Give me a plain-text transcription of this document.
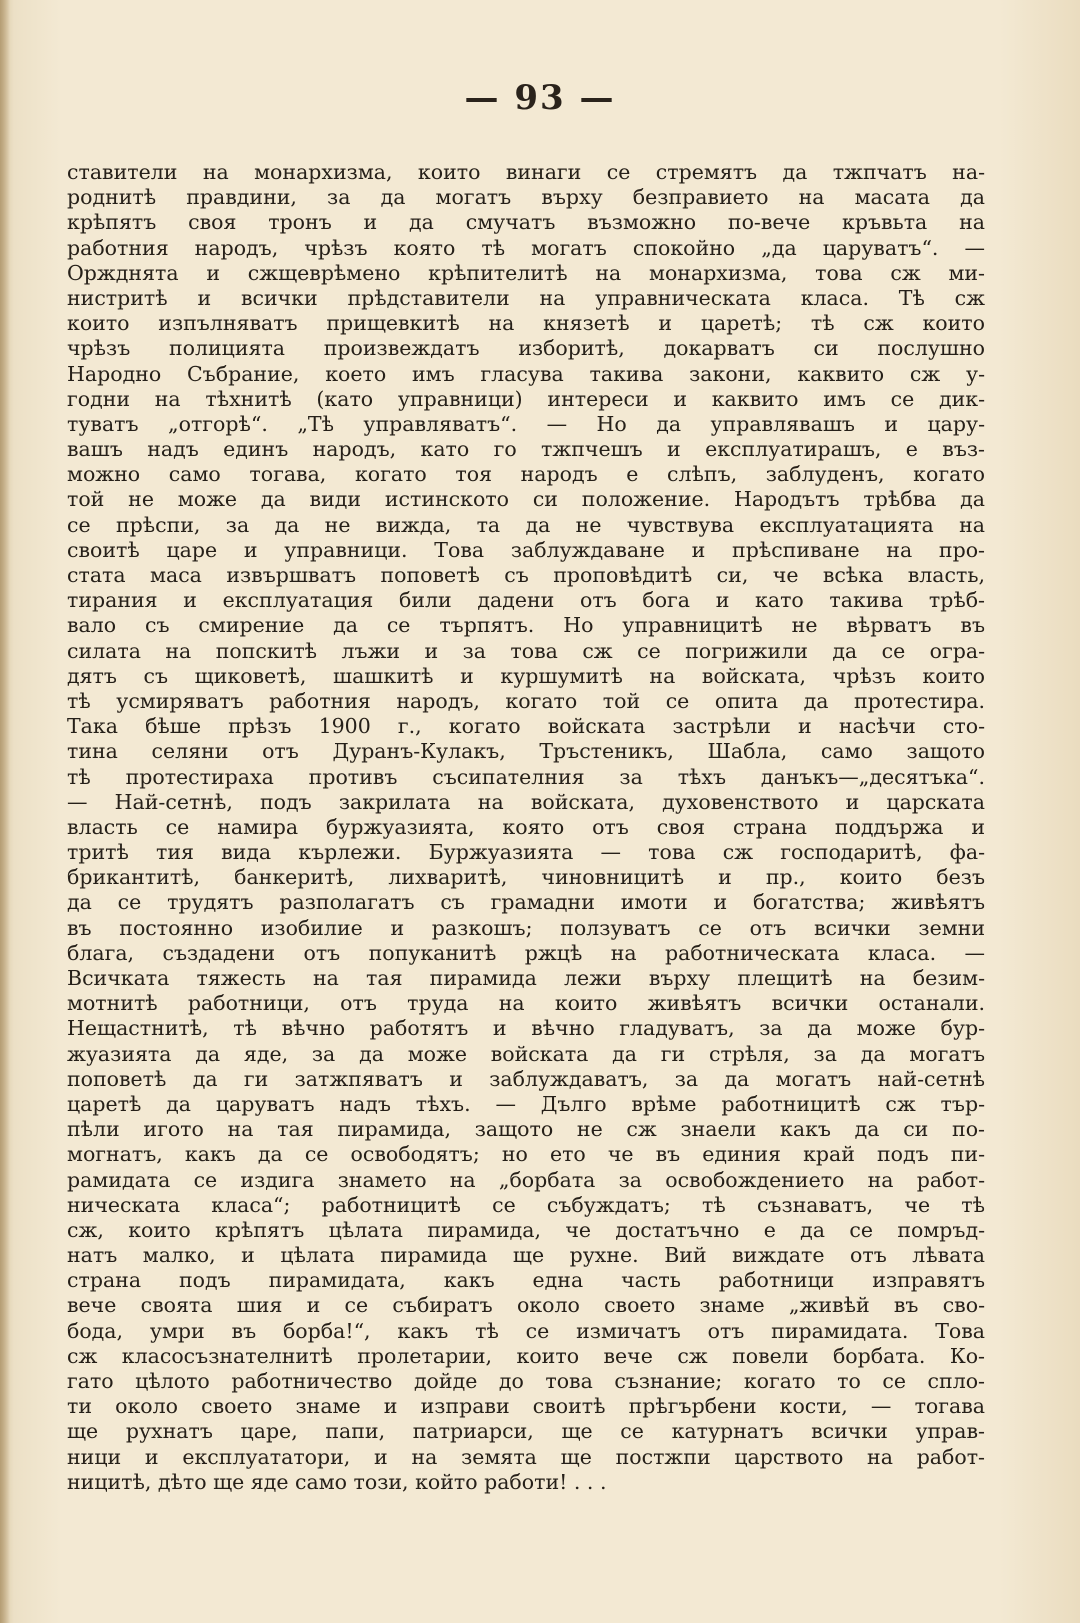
— 93 —
ставители на монархизма, които винаги се стремятъ да тжпчатъ на-
роднитѣ правдини, за да могатъ върху безправието на масата да
крѣпятъ своя тронъ и да смучатъ възможно по-вече кръвьта на
работния народъ, чрѣзъ която тѣ могатъ спокойно „да царуватъ“. —
Оржднята и сжщеврѣмено крѣпителитѣ на монархизма, това сж ми-
нистритѣ и всички прѣдставители на управническата класа. Тѣ сж
които изпълняватъ прищевкитѣ на князетѣ и царетѣ; тѣ сж които
чрѣзъ полицията произвеждатъ изборитѣ, докарватъ си послушно
Народно Събрание, което имъ гласува такива закони, каквито сж у-
годни на тѣхнитѣ (като управници) интереси и каквито имъ се дик-
туватъ „отгорѣ“. „Тѣ управляватъ“. — Но да управлявашъ и цару-
вашъ надъ единъ народъ, като го тжпчешъ и експлуатирашъ, е въз-
можно само тогава, когато тоя народъ е слѣпъ, заблуденъ, когато
той не може да види истинското си положение. Народътъ трѣбва да
се прѣспи, за да не вижда, та да не чувствува експлуатацията на
своитѣ царе и управници. Това заблуждаване и прѣспиване на про-
стата маса извършватъ поповетѣ съ проповѣдитѣ си, че всѣка власть,
тирания и експлуатация били дадени отъ бога и като такива трѣб-
вало съ смирение да се търпятъ. Но управницитѣ не вѣрватъ въ
силата на попскитѣ лъжи и за това сж се погрижили да се огра-
дятъ съ щиковетѣ, шашкитѣ и куршумитѣ на войската, чрѣзъ които
тѣ усмиряватъ работния народъ, когато той се опита да протестира.
Така бѣше прѣзъ 1900 г., когато войската застрѣли и насѣчи сто-
тина селяни отъ Дуранъ-Кулакъ, Тръстеникъ, Шабла, само защото
тѣ протестираха противъ съсипателния за тѣхъ данъкъ—„десятъка“.
— Най-сетнѣ, подъ закрилата на войската, духовенството и царската
власть се намира буржуазията, която отъ своя страна поддържа и
тритѣ тия вида кърлежи. Буржуазията — това сж господаритѣ, фа-
брикантитѣ, банкеритѣ, лихваритѣ, чиновницитѣ и пр., които безъ
да се трудятъ разполагатъ съ грамадни имоти и богатства; живѣятъ
въ постоянно изобилие и разкошъ; ползуватъ се отъ всички земни
блага, създадени отъ попуканитѣ ржцѣ на работническата класа. —
Всичката тяжесть на тая пирамида лежи върху плещитѣ на безим-
мотнитѣ работници, отъ труда на които живѣятъ всички останали.
Нещастнитѣ, тѣ вѣчно работятъ и вѣчно гладуватъ, за да може бур-
жуазията да яде, за да може войската да ги стрѣля, за да могатъ
поповетѣ да ги затжпяватъ и заблуждаватъ, за да могатъ най-сетнѣ
царетѣ да царуватъ надъ тѣхъ. — Дълго врѣме работницитѣ сж тър-
пѣли игото на тая пирамида, защото не сж знаели какъ да си по-
могнатъ, какъ да се освободятъ; но ето че въ единия край подъ пи-
рамидата се издига знамето на „борбата за освобождението на работ-
ническата класа“; работницитѣ се събуждатъ; тѣ съзнаватъ, че тѣ
сж, които крѣпятъ цѣлата пирамида, че достатъчно е да се помръд-
натъ малко, и цѣлата пирамида ще рухне. Вий виждате отъ лѣвата
страна подъ пирамидата, какъ една часть работници изправятъ
вече своята шия и се събиратъ около своето знаме „живѣй въ сво-
бода, умри въ борба!“, какъ тѣ се измичатъ отъ пирамидата. Това
сж класосъзнателнитѣ пролетарии, които вече сж повели борбата. Ко-
гато цѣлото работничество дойде до това съзнание; когато то се сплo-
ти около своето знаме и изправи своитѣ прѣгърбени кости, — тогава
ще рухнатъ царе, папи, патриарси, ще се катурнатъ всички управ-
ници и експлуататори, и на земята ще постжпи царството на работ-
ницитѣ, дѣто ще яде само този, който работи! . . .
